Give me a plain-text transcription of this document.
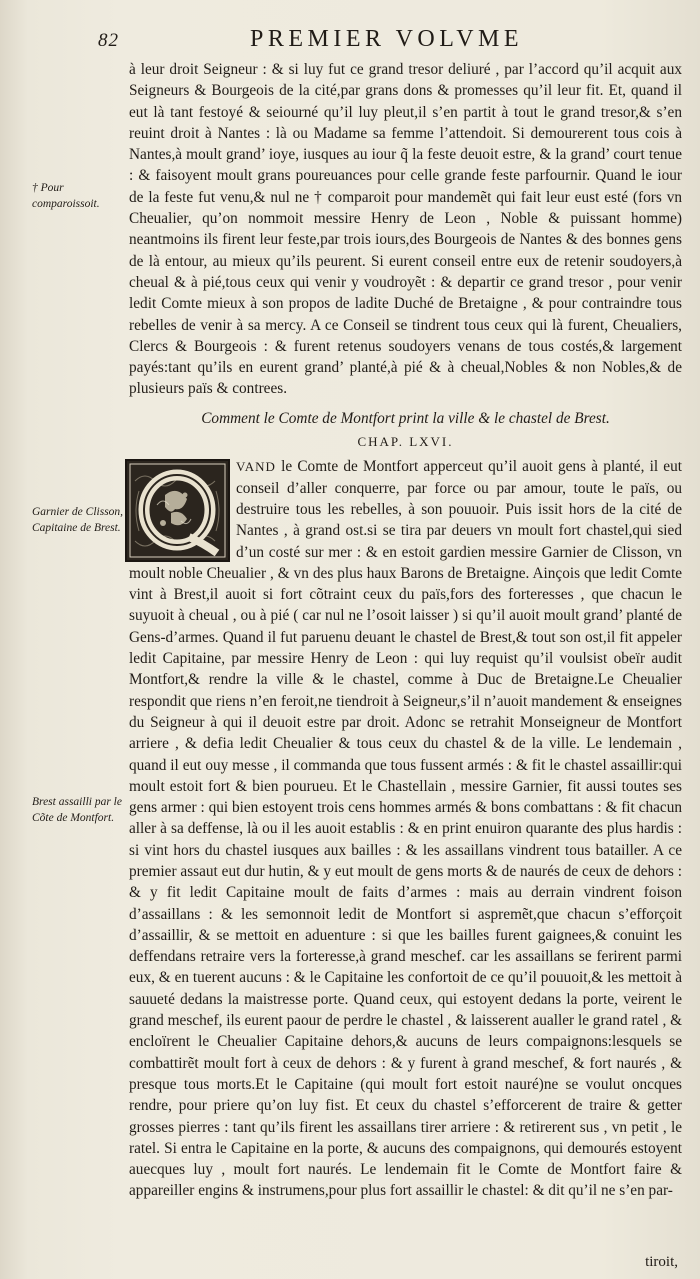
82	PREMIER VOLVME
† Pour comparoissoit.
Garnier de Clisson, Capitaine de Brest.
Brest assailli par le Cõte de Montfort.

à leur droit Seigneur : & si luy fut ce grand tresor deliuré , par l’accord qu’il acquit aux Seigneurs & Bourgeois de la cité,par grans dons & promesses qu’il leur fit. Et, quand il eut là tant festoyé & seiourné qu’il luy pleut,il s’en partit à tout le grand tresor,& s’en reuint droit à Nantes : là ou Madame sa femme l’attendoit. Si demourerent tous cois à Nantes,à moult grand’ ioye, iusques au iour q̃ la feste deuoit estre, & la grand’ court tenue : & faisoyent moult grans poureuances pour celle grande feste parfournir. Quand le iour de la feste fut venu,& nul ne † comparoit pour mandemẽt qui fait leur eust esté (fors vn Cheualier, qu’on nommoit messire Henry de Leon , Noble & puissant homme) neantmoins ils firent leur feste,par trois iours,des Bourgeois de Nantes & des bonnes gens de là entour, au mieux qu’ils peurent. Si eurent conseil entre eux de retenir soudoyers,à cheual & à pié,tous ceux qui venir y voudroyẽt : & departir ce grand tresor , pour venir ledit Comte mieux à son propos de ladite Duché de Bretaigne , & pour contraindre tous rebelles de venir à sa mercy. A ce Conseil se tindrent tous ceux qui là furent, Cheualiers, Clercs & Bourgeois : & furent retenus soudoyers venans de tous costés,& largement payés:tant qu’ils en eurent grand’ planté,à pié & à cheual,Nobles & non Nobles,& de plusieurs païs & contrees.

Comment le Comte de Montfort print la ville & le chastel de Brest.
CHAP. LXVI.

VAND le Comte de Montfort apperceut qu’il auoit gens à planté, il eut conseil d’aller conquerre, par force ou par amour, toute le païs, ou destruire tous les rebelles, à son pouuoir. Puis issit hors de la cité de Nantes , à grand ost.si se tira par deuers vn moult fort chastel,qui sied d’un costé sur mer : & en estoit gardien messire Garnier de Clisson, vn moult noble Cheualier , & vn des plus haux Barons de Bretaigne. Ainçois que ledit Comte vint à Brest,il auoit si fort cõtraint ceux du païs,fors des forteresses , que chacun le suyuoit à cheual , ou à pié ( car nul ne l’osoit laisser ) si qu’il auoit moult grand’ planté de Gens-d’armes. Quand il fut paruenu deuant le chastel de Brest,& tout son ost,il fit appeler ledit Capitaine, par messire Henry de Leon : qui luy requist qu’il voulsist obeïr audit Montfort,& rendre la ville & le chastel, comme à Duc de Bretaigne.Le Cheualier respondit que riens n’en feroit,ne tiendroit à Seigneur,s’il n’auoit mandement & enseignes du Seigneur à qui il deuoit estre par droit. Adonc se retrahit Monseigneur de Montfort arriere , & defia ledit Cheualier & tous ceux du chastel & de la ville. Le lendemain , quand il eut ouy messe , il commanda que tous fussent armés : & fit le chastel assaillir:qui moult estoit fort & bien pourueu. Et le Chastellain , messire Garnier, fit aussi toutes ses gens armer : qui bien estoyent trois cens hommes armés & bons combattans : & fit chacun aller à sa deffense, là ou il les auoit establis : & en print enuiron quarante des plus hardis : si vint hors du chastel iusques aux bailles : & les assaillans vindrent tous batailler. A ce premier assaut eut dur hutin, & y eut moult de gens morts & de naurés de ceux de dehors : & y fit ledit Capitaine moult de faits d’armes : mais au derrain vindrent foison d’assaillans : & les semonnoit ledit de Montfort si aspremẽt,que chacun s’efforçoit d’assaillir, & se mettoit en aduenture : si que les bailles furent gaignees,& conuint les deffendans retraire vers la forteresse,à grand meschef. car les assaillans se ferirent parmi eux, & en tuerent aucuns : & le Capitaine les confortoit de ce qu’il pouuoit,& les mettoit à sauueté dedans la maistresse porte. Quand ceux, qui estoyent dedans la porte, veirent le grand meschef, ils eurent paour de perdre le chastel , & laisserent aualler le grand ratel , & encloïrent le Cheualier Capitaine dehors,& aucuns de leurs compaignons:lesquels se combattirẽt moult fort à ceux de dehors : & y furent à grand meschef, & fort naurés , & presque tous morts.Et le Capitaine (qui moult fort estoit nauré)ne se voulut oncques rendre, pour priere qu’on luy fist. Et ceux du chastel s’efforcerent de traire & getter grosses pierres : tant qu’ils firent les assaillans tirer arriere : & retirerent sus , vn petit , le ratel. Si entra le Capitaine en la porte, & aucuns des compaignons, qui demourés estoyent auecques luy , moult fort naurés. Le lendemain fit le Comte de Montfort faire & appareiller engins & instrumens,pour plus fort assaillir le chastel: & dit qu’il ne s’en par-

tiroit,
